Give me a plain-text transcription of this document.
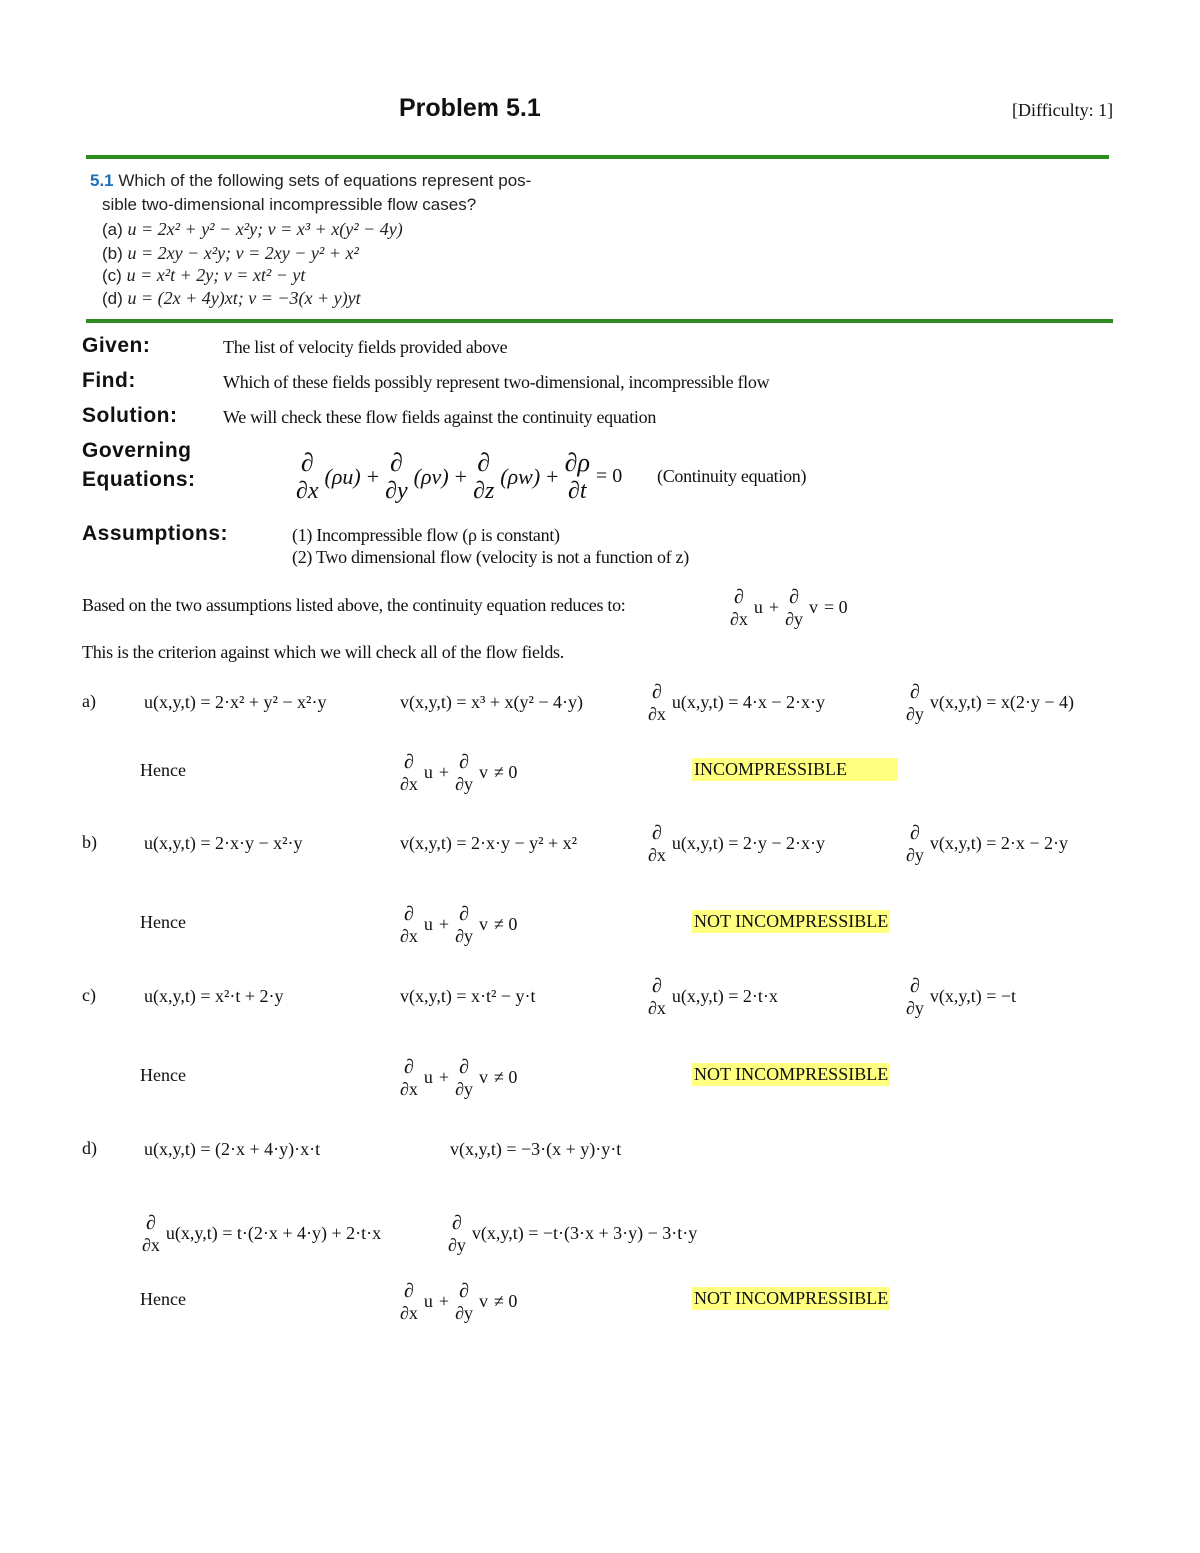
Problem 5.1	[Difficulty: 1]
5.1 Which of the following sets of equations represent pos-
sible two-dimensional incompressible flow cases?
(a) u = 2x² + y² − x²y; v = x³ + x(y² − 4y)
(b) u = 2xy − x²y; v = 2xy − y² + x²
(c) u = x²t + 2y; v = xt² − yt
(d) u = (2x + 4y)xt; v = −3(x + y)yt
Given:	The list of velocity fields provided above
Find:	Which of these fields possibly represent two-dimensional, incompressible flow
Solution:	We will check these flow fields against the continuity equation
Governing
Equations:
∂
∂x
(ρu) + ∂
∂y
(ρv) + ∂
∂z
(ρw) + ∂ρ
∂t
= 0 (Continuity equation)
Assumptions:	(1) Incompressible flow (ρ is constant)
(2) Two dimensional flow (velocity is not a function of z)
Based on the two assumptions listed above, the continuity equation reduces to:	∂
∂x
u + ∂
∂y
v = 0
This is the criterion against which we will check all of the flow fields.
a)	u(x,y,t) = 2·x² + y² − x²·y	v(x,y,t) = x³ + x(y² − 4·y)	∂
∂x
u(x,y,t) = 4·x − 2·x·y	∂
∂y
v(x,y,t) = x(2·y − 4)
Hence	∂
∂x
u + ∂
∂y
v ≠ 0	INCOMPRESSIBLE
b)	u(x,y,t) = 2·x·y − x²·y	v(x,y,t) = 2·x·y − y² + x²	∂
∂x
u(x,y,t) = 2·y − 2·x·y	∂
∂y
v(x,y,t) = 2·x − 2·y
Hence	∂
∂x
u + ∂
∂y
v ≠ 0	NOT INCOMPRESSIBLE
c)	u(x,y,t) = x²·t + 2·y	v(x,y,t) = x·t² − y·t	∂
∂x
u(x,y,t) = 2·t·x	∂
∂y
v(x,y,t) = −t
Hence	∂
∂x
u + ∂
∂y
v ≠ 0	NOT INCOMPRESSIBLE
d)	u(x,y,t) = (2·x + 4·y)·x·t	v(x,y,t) = −3·(x + y)·y·t
∂
∂x
u(x,y,t) = t·(2·x + 4·y) + 2·t·x	∂
∂y
v(x,y,t) = −t·(3·x + 3·y) − 3·t·y
Hence	∂
∂x
u + ∂
∂y
v ≠ 0	NOT INCOMPRESSIBLE
